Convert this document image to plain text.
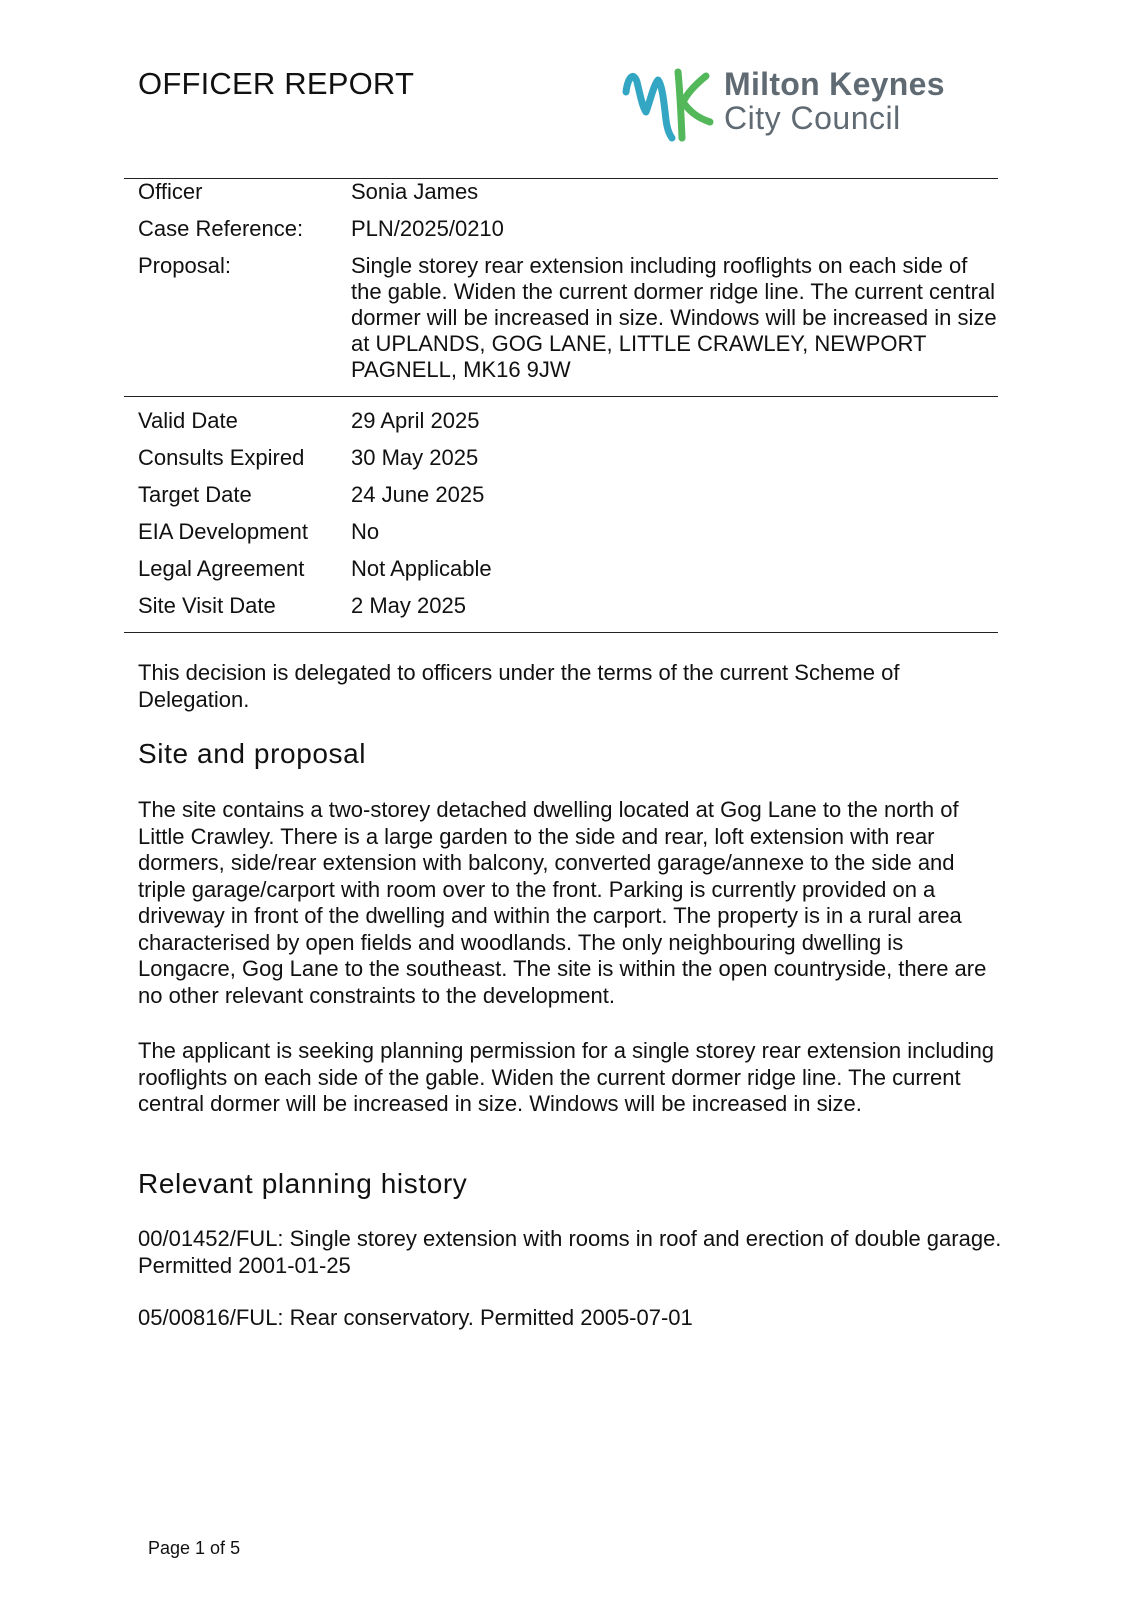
OFFICER REPORT	Milton Keynes
City Council
Officer	Sonia James
Case Reference:	PLN/2025/0210
Proposal:	Single storey rear extension including rooflights on each side of the gable. Widen the current dormer ridge line. The current central dormer will be increased in size. Windows will be increased in size at UPLANDS, GOG LANE, LITTLE CRAWLEY, NEWPORT PAGNELL, MK16 9JW
Valid Date	29 April 2025
Consults Expired	30 May 2025
Target Date	24 June 2025
EIA Development	No
Legal Agreement	Not Applicable
Site Visit Date	2 May 2025

This decision is delegated to officers under the terms of the current Scheme of Delegation.

Site and proposal

The site contains a two-storey detached dwelling located at Gog Lane to the north of Little Crawley. There is a large garden to the side and rear, loft extension with rear dormers, side/rear extension with balcony, converted garage/annexe to the side and triple garage/carport with room over to the front. Parking is currently provided on a driveway in front of the dwelling and within the carport. The property is in a rural area characterised by open fields and woodlands. The only neighbouring dwelling is Longacre, Gog Lane to the southeast. The site is within the open countryside, there are no other relevant constraints to the development.

The applicant is seeking planning permission for a single storey rear extension including rooflights on each side of the gable. Widen the current dormer ridge line. The current central dormer will be increased in size. Windows will be increased in size.

Relevant planning history

00/01452/FUL: Single storey extension with rooms in roof and erection of double garage. Permitted 2001-01-25

05/00816/FUL: Rear conservatory. Permitted 2005-07-01

Page 1 of 5
